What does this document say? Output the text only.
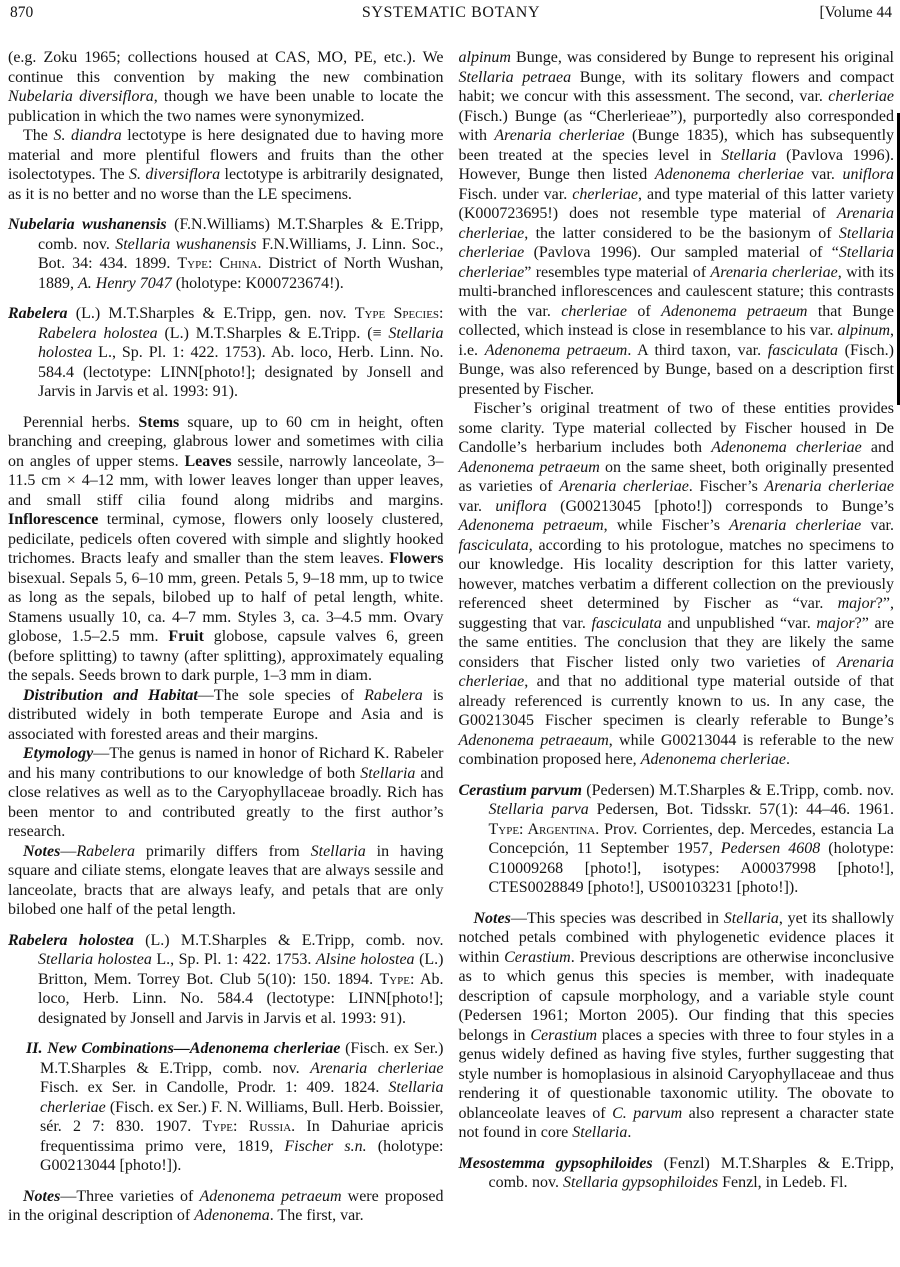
870	SYSTEMATIC BOTANY	[Volume 44

(e.g. Zoku 1965; collections housed at CAS, MO, PE, etc.). We continue this convention by making the new combination Nubelaria diversiflora, though we have been unable to locate the publication in which the two names were synonymized.

The S. diandra lectotype is here designated due to having more material and more plentiful flowers and fruits than the other isolectotypes. The S. diversiflora lectotype is arbitrarily designated, as it is no better and no worse than the LE specimens.

Nubelaria wushanensis (F.N.Williams) M.T.Sharples & E.Tripp, comb. nov. Stellaria wushanensis F.N.Williams, J. Linn. Soc., Bot. 34: 434. 1899. Type: China. District of North Wushan, 1889, A. Henry 7047 (holotype: K000723674!).

Rabelera (L.) M.T.Sharples & E.Tripp, gen. nov. Type Species: Rabelera holostea (L.) M.T.Sharples & E.Tripp. (≡ Stellaria holostea L., Sp. Pl. 1: 422. 1753). Ab. loco, Herb. Linn. No. 584.4 (lectotype: LINN[photo!]; designated by Jonsell and Jarvis in Jarvis et al. 1993: 91).

Perennial herbs. Stems square, up to 60 cm in height, often branching and creeping, glabrous lower and sometimes with cilia on angles of upper stems. Leaves sessile, narrowly lanceolate, 3–11.5 cm × 4–12 mm, with lower leaves longer than upper leaves, and small stiff cilia found along midribs and margins. Inflorescence terminal, cymose, flowers only loosely clustered, pedicilate, pedicels often covered with simple and slightly hooked trichomes. Bracts leafy and smaller than the stem leaves. Flowers bisexual. Sepals 5, 6–10 mm, green. Petals 5, 9–18 mm, up to twice as long as the sepals, bilobed up to half of petal length, white. Stamens usually 10, ca. 4–7 mm. Styles 3, ca. 3–4.5 mm. Ovary globose, 1.5–2.5 mm. Fruit globose, capsule valves 6, green (before splitting) to tawny (after splitting), approximately equaling the sepals. Seeds brown to dark purple, 1–3 mm in diam.

Distribution and Habitat—The sole species of Rabelera is distributed widely in both temperate Europe and Asia and is associated with forested areas and their margins.

Etymology—The genus is named in honor of Richard K. Rabeler and his many contributions to our knowledge of both Stellaria and close relatives as well as to the Caryophyllaceae broadly. Rich has been mentor to and contributed greatly to the first author’s research.

Notes—Rabelera primarily differs from Stellaria in having square and ciliate stems, elongate leaves that are always sessile and lanceolate, bracts that are always leafy, and petals that are only bilobed one half of the petal length.

Rabelera holostea (L.) M.T.Sharples & E.Tripp, comb. nov. Stellaria holostea L., Sp. Pl. 1: 422. 1753. Alsine holostea (L.) Britton, Mem. Torrey Bot. Club 5(10): 150. 1894. Type: Ab. loco, Herb. Linn. No. 584.4 (lectotype: LINN[photo!]; designated by Jonsell and Jarvis in Jarvis et al. 1993: 91).

II. New Combinations—Adenonema cherleriae (Fisch. ex Ser.) M.T.Sharples & E.Tripp, comb. nov. Arenaria cherleriae Fisch. ex Ser. in Candolle, Prodr. 1: 409. 1824. Stellaria cherleriae (Fisch. ex Ser.) F. N. Williams, Bull. Herb. Boissier, sér. 2 7: 830. 1907. Type: Russia. In Dahuriae apricis frequentissima primo vere, 1819, Fischer s.n. (holotype: G00213044 [photo!]).

Notes—Three varieties of Adenonema petraeum were proposed in the original description of Adenonema. The first, var.

alpinum Bunge, was considered by Bunge to represent his original Stellaria petraea Bunge, with its solitary flowers and compact habit; we concur with this assessment. The second, var. cherleriae (Fisch.) Bunge (as “Cherlerieae”), purportedly also corresponded with Arenaria cherleriae (Bunge 1835), which has subsequently been treated at the species level in Stellaria (Pavlova 1996). However, Bunge then listed Adenonema cherleriae var. uniflora Fisch. under var. cherleriae, and type material of this latter variety (K000723695!) does not resemble type material of Arenaria cherleriae, the latter considered to be the basionym of Stellaria cherleriae (Pavlova 1996). Our sampled material of “Stellaria cherleriae” resembles type material of Arenaria cherleriae, with its multi-branched inflorescences and caulescent stature; this contrasts with the var. cherleriae of Adenonema petraeum that Bunge collected, which instead is close in resemblance to his var. alpinum, i.e. Adenonema petraeum. A third taxon, var. fasciculata (Fisch.) Bunge, was also referenced by Bunge, based on a description first presented by Fischer.

Fischer’s original treatment of two of these entities provides some clarity. Type material collected by Fischer housed in De Candolle’s herbarium includes both Adenonema cherleriae and Adenonema petraeum on the same sheet, both originally presented as varieties of Arenaria cherleriae. Fischer’s Arenaria cherleriae var. uniflora (G00213045 [photo!]) corresponds to Bunge’s Adenonema petraeum, while Fischer’s Arenaria cherleriae var. fasciculata, according to his protologue, matches no specimens to our knowledge. His locality description for this latter variety, however, matches verbatim a different collection on the previously referenced sheet determined by Fischer as “var. major?”, suggesting that var. fasciculata and unpublished “var. major?” are the same entities. The conclusion that they are likely the same considers that Fischer listed only two varieties of Arenaria cherleriae, and that no additional type material outside of that already referenced is currently known to us. In any case, the G00213045 Fischer specimen is clearly referable to Bunge’s Adenonema petraeaum, while G00213044 is referable to the new combination proposed here, Adenonema cherleriae.

Cerastium parvum (Pedersen) M.T.Sharples & E.Tripp, comb. nov. Stellaria parva Pedersen, Bot. Tidsskr. 57(1): 44–46. 1961. Type: Argentina. Prov. Corrientes, dep. Mercedes, estancia La Concepción, 11 September 1957, Pedersen 4608 (holotype: C10009268 [photo!], isotypes: A00037998 [photo!], CTES0028849 [photo!], US00103231 [photo!]).

Notes—This species was described in Stellaria, yet its shallowly notched petals combined with phylogenetic evidence places it within Cerastium. Previous descriptions are otherwise inconclusive as to which genus this species is member, with inadequate description of capsule morphology, and a variable style count (Pedersen 1961; Morton 2005). Our finding that this species belongs in Cerastium places a species with three to four styles in a genus widely defined as having five styles, further suggesting that style number is homoplasious in alsinoid Caryophyllaceae and thus rendering it of questionable taxonomic utility. The obovate to oblanceolate leaves of C. parvum also represent a character state not found in core Stellaria.

Mesostemma gypsophiloides (Fenzl) M.T.Sharples & E.Tripp, comb. nov. Stellaria gypsophiloides Fenzl, in Ledeb. Fl.
